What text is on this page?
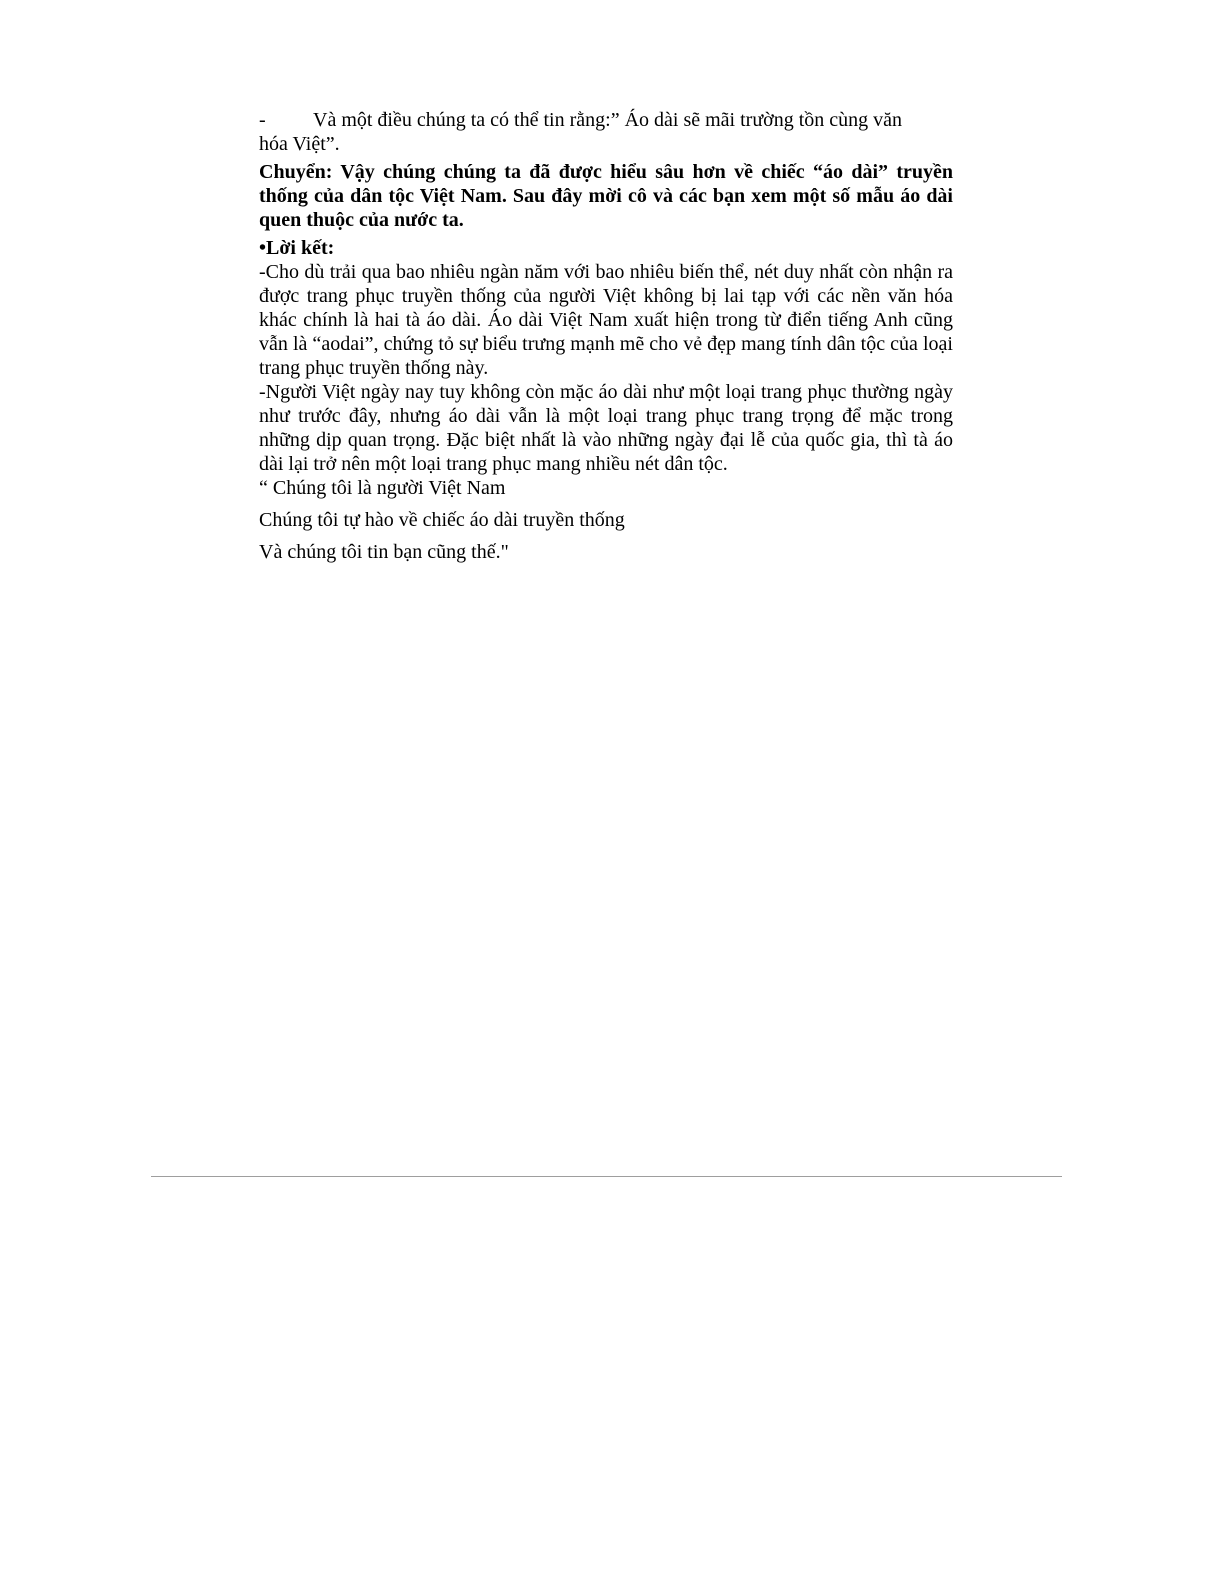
-	Và một điều chúng ta có thể tin rằng:” Áo dài sẽ mãi trường tồn cùng văn

hóa Việt”.

Chuyển: Vậy chúng chúng ta đã được hiểu sâu hơn về chiếc “áo dài” truyền thống của dân tộc Việt Nam. Sau đây mời cô và các bạn xem một số mẫu áo dài quen thuộc của nước ta.

•Lời kết:

-Cho dù trải qua bao nhiêu ngàn năm với bao nhiêu biến thể, nét duy nhất còn nhận ra được trang phục truyền thống của người Việt không bị lai tạp với các nền văn hóa khác chính là hai tà áo dài. Áo dài Việt Nam xuất hiện trong từ điển tiếng Anh cũng vẫn là “aodai”, chứng tỏ sự biểu trưng mạnh mẽ cho vẻ đẹp mang tính dân tộc của loại trang phục truyền thống này.

-Người Việt ngày nay tuy không còn mặc áo dài như một loại trang phục thường ngày như trước đây, nhưng áo dài vẫn là một loại trang phục trang trọng để mặc trong những dịp quan trọng. Đặc biệt nhất là vào những ngày đại lễ của quốc gia, thì tà áo dài lại trở nên một loại trang phục mang nhiều nét dân tộc.

“ Chúng tôi là người Việt Nam

Chúng tôi tự hào về chiếc áo dài truyền thống

Và chúng tôi tin bạn cũng thế."
